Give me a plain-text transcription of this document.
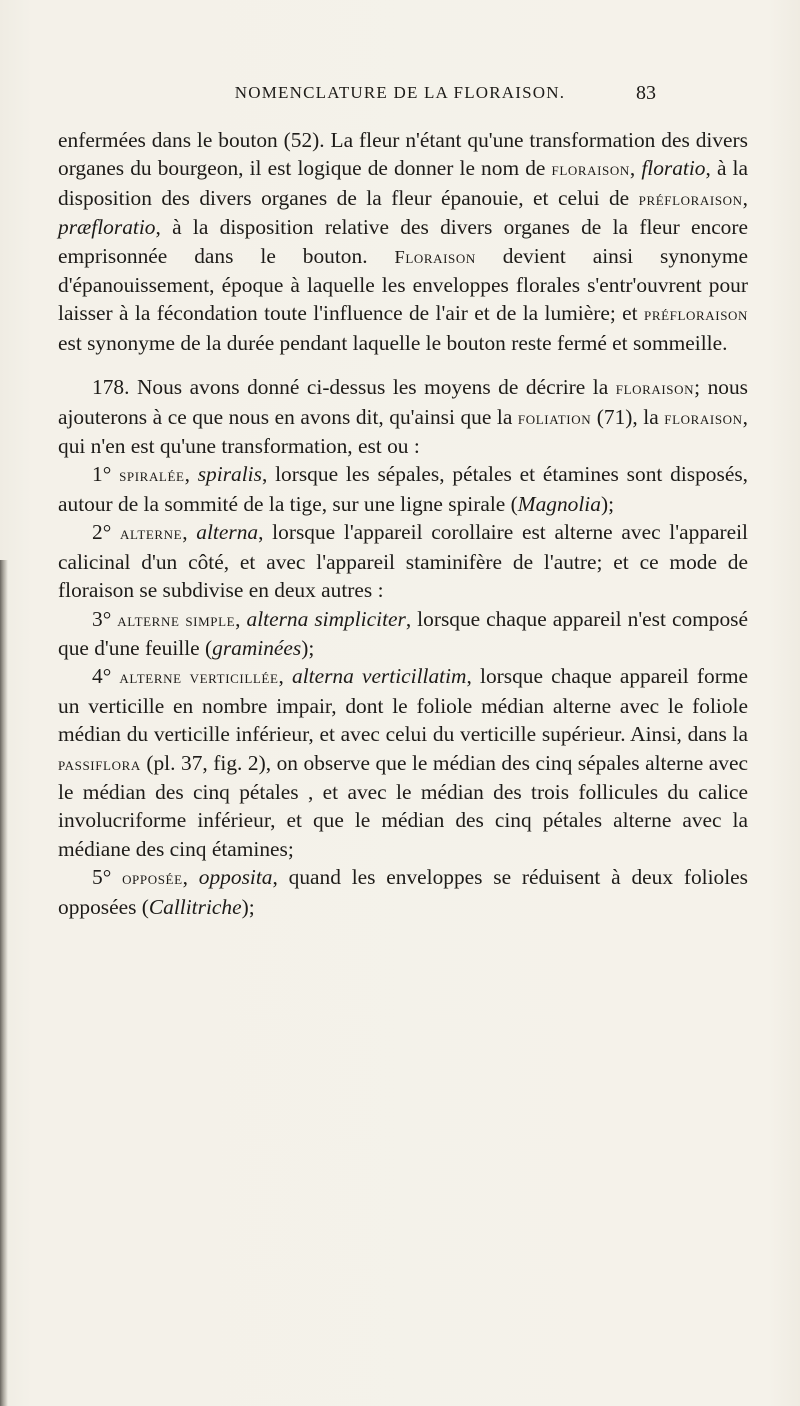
NOMENCLATURE DE LA FLORAISON.	83

enfermées dans le bouton (52). La fleur n'étant qu'une transformation des divers organes du bourgeon, il est logique de donner le nom de floraison, floratio, à la disposition des divers organes de la fleur épanouie, et celui de préfloraison, præfloratio, à la disposition relative des divers organes de la fleur encore emprisonnée dans le bouton. Floraison devient ainsi synonyme d'épanouissement, époque à laquelle les enveloppes florales s'entr'ouvrent pour laisser à la fécondation toute l'influence de l'air et de la lumière; et préfloraison est synonyme de la durée pendant laquelle le bouton reste fermé et sommeille.

178. Nous avons donné ci-dessus les moyens de décrire la floraison; nous ajouterons à ce que nous en avons dit, qu'ainsi que la foliation (71), la floraison, qui n'en est qu'une transformation, est ou :

1° spiralée, spiralis, lorsque les sépales, pétales et étamines sont disposés, autour de la sommité de la tige, sur une ligne spirale (Magnolia);

2° alterne, alterna, lorsque l'appareil corollaire est alterne avec l'appareil calicinal d'un côté, et avec l'appareil staminifère de l'autre; et ce mode de floraison se subdivise en deux autres :

3° alterne simple, alterna simpliciter, lorsque chaque appareil n'est composé que d'une feuille (graminées);

4° alterne verticillée, alterna verticillatim, lorsque chaque appareil forme un verticille en nombre impair, dont le foliole médian alterne avec le foliole médian du verticille inférieur, et avec celui du verticille supérieur. Ainsi, dans la passiflora (pl. 37, fig. 2), on observe que le médian des cinq sépales alterne avec le médian des cinq pétales , et avec le médian des trois follicules du calice involucriforme inférieur, et que le médian des cinq pétales alterne avec la médiane des cinq étamines;

5° opposée, opposita, quand les enveloppes se réduisent à deux folioles opposées (Callitriche);
